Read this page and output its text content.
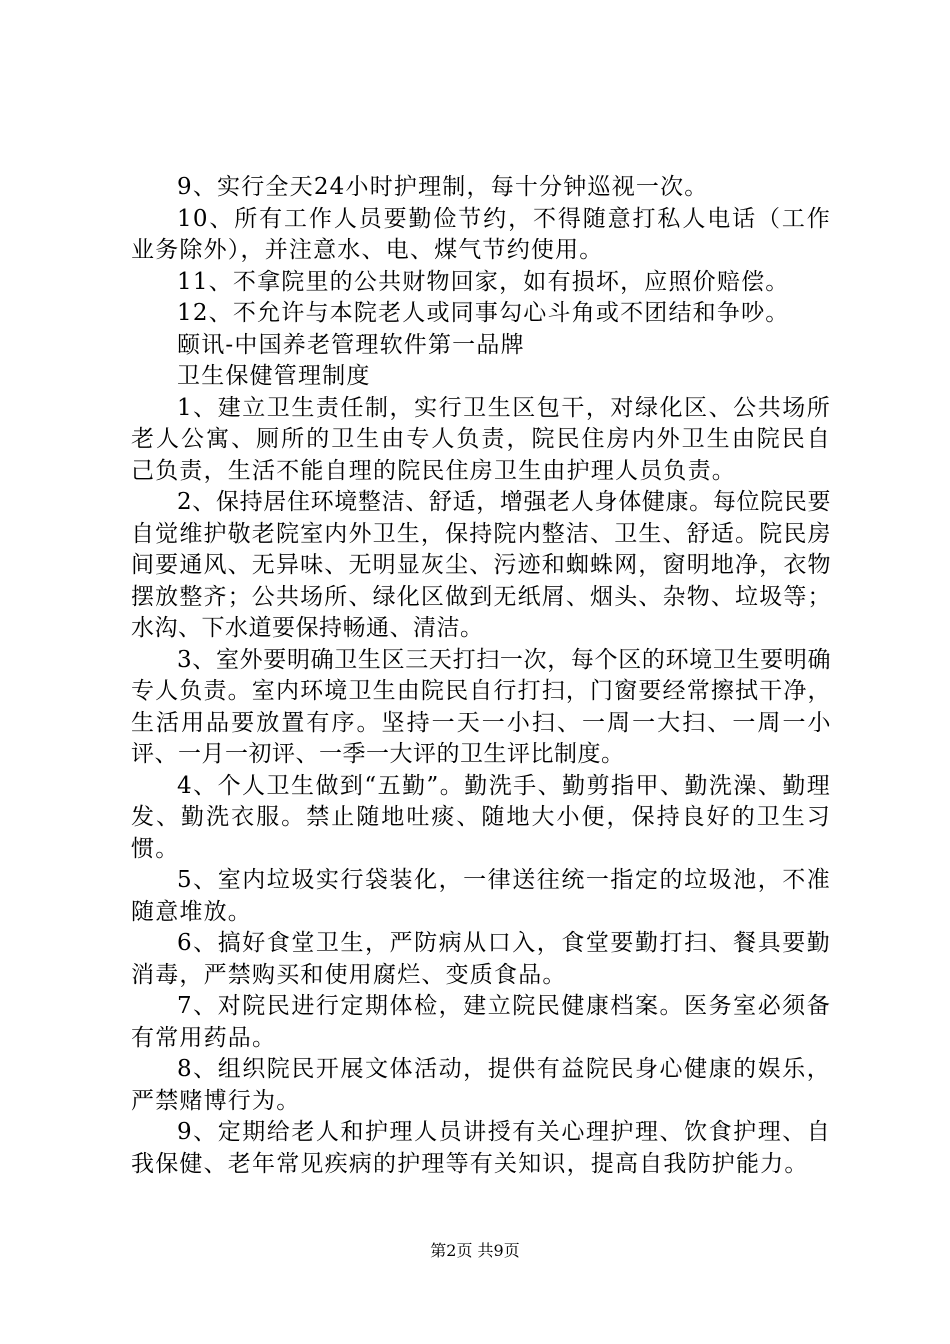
9、实行全天24小时护理制，每十分钟巡视一次。

10、所有工作人员要勤俭节约，不得随意打私人电话（工作业务除外），并注意水、电、煤气节约使用。

11、不拿院里的公共财物回家，如有损坏，应照价赔偿。

12、不允许与本院老人或同事勾心斗角或不团结和争吵。

颐讯-中国养老管理软件第一品牌

卫生保健管理制度

1、建立卫生责任制，实行卫生区包干，对绿化区、公共场所老人公寓、厕所的卫生由专人负责，院民住房内外卫生由院民自己负责，生活不能自理的院民住房卫生由护理人员负责。

2、保持居住环境整洁、舒适，增强老人身体健康。每位院民要自觉维护敬老院室内外卫生，保持院内整洁、卫生、舒适。院民房间要通风、无异味、无明显灰尘、污迹和蜘蛛网，窗明地净，衣物摆放整齐；公共场所、绿化区做到无纸屑、烟头、杂物、垃圾等；水沟、下水道要保持畅通、清洁。

3、室外要明确卫生区三天打扫一次，每个区的环境卫生要明确专人负责。室内环境卫生由院民自行打扫，门窗要经常擦拭干净，生活用品要放置有序。坚持一天一小扫、一周一大扫、一周一小评、一月一初评、一季一大评的卫生评比制度。

4、个人卫生做到“五勤”。勤洗手、勤剪指甲、勤洗澡、勤理发、勤洗衣服。禁止随地吐痰、随地大小便，保持良好的卫生习惯。

5、室内垃圾实行袋装化，一律送往统一指定的垃圾池，不准随意堆放。

6、搞好食堂卫生，严防病从口入，食堂要勤打扫、餐具要勤消毒，严禁购买和使用腐烂、变质食品。

7、对院民进行定期体检，建立院民健康档案。医务室必须备有常用药品。

8、组织院民开展文体活动，提供有益院民身心健康的娱乐，严禁赌博行为。

9、定期给老人和护理人员讲授有关心理护理、饮食护理、自我保健、老年常见疾病的护理等有关知识，提高自我防护能力。

第2页 共9页
